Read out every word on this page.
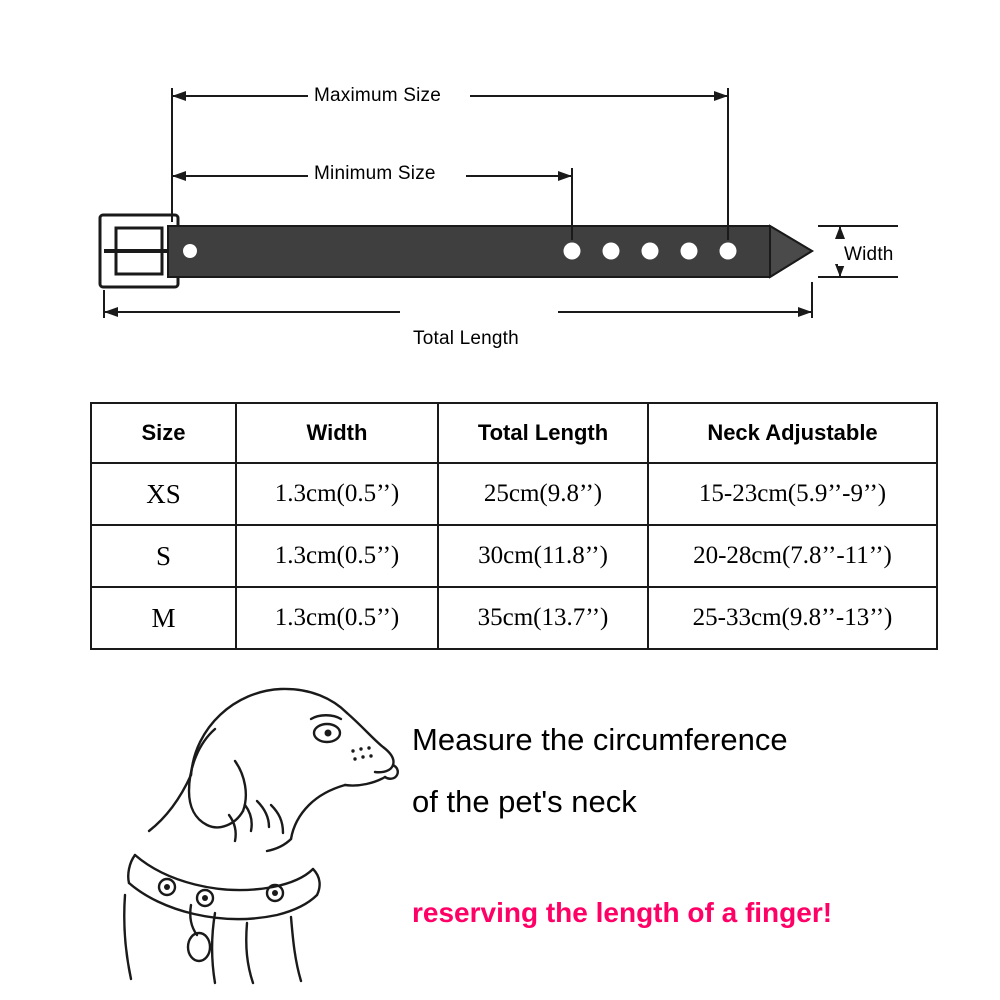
Maximum Size
Minimum Size
Width
Total Length
Size	Width	Total Length	Neck Adjustable
XS	1.3cm(0.5’’)	25cm(9.8’’)	15-23cm(5.9’’-9’’)
S	1.3cm(0.5’’)	30cm(11.8’’)	20-28cm(7.8’’-11’’)
M	1.3cm(0.5’’)	35cm(13.7’’)	25-33cm(9.8’’-13’’)
Measure the circumference
of the pet's neck
reserving the length of a finger!
